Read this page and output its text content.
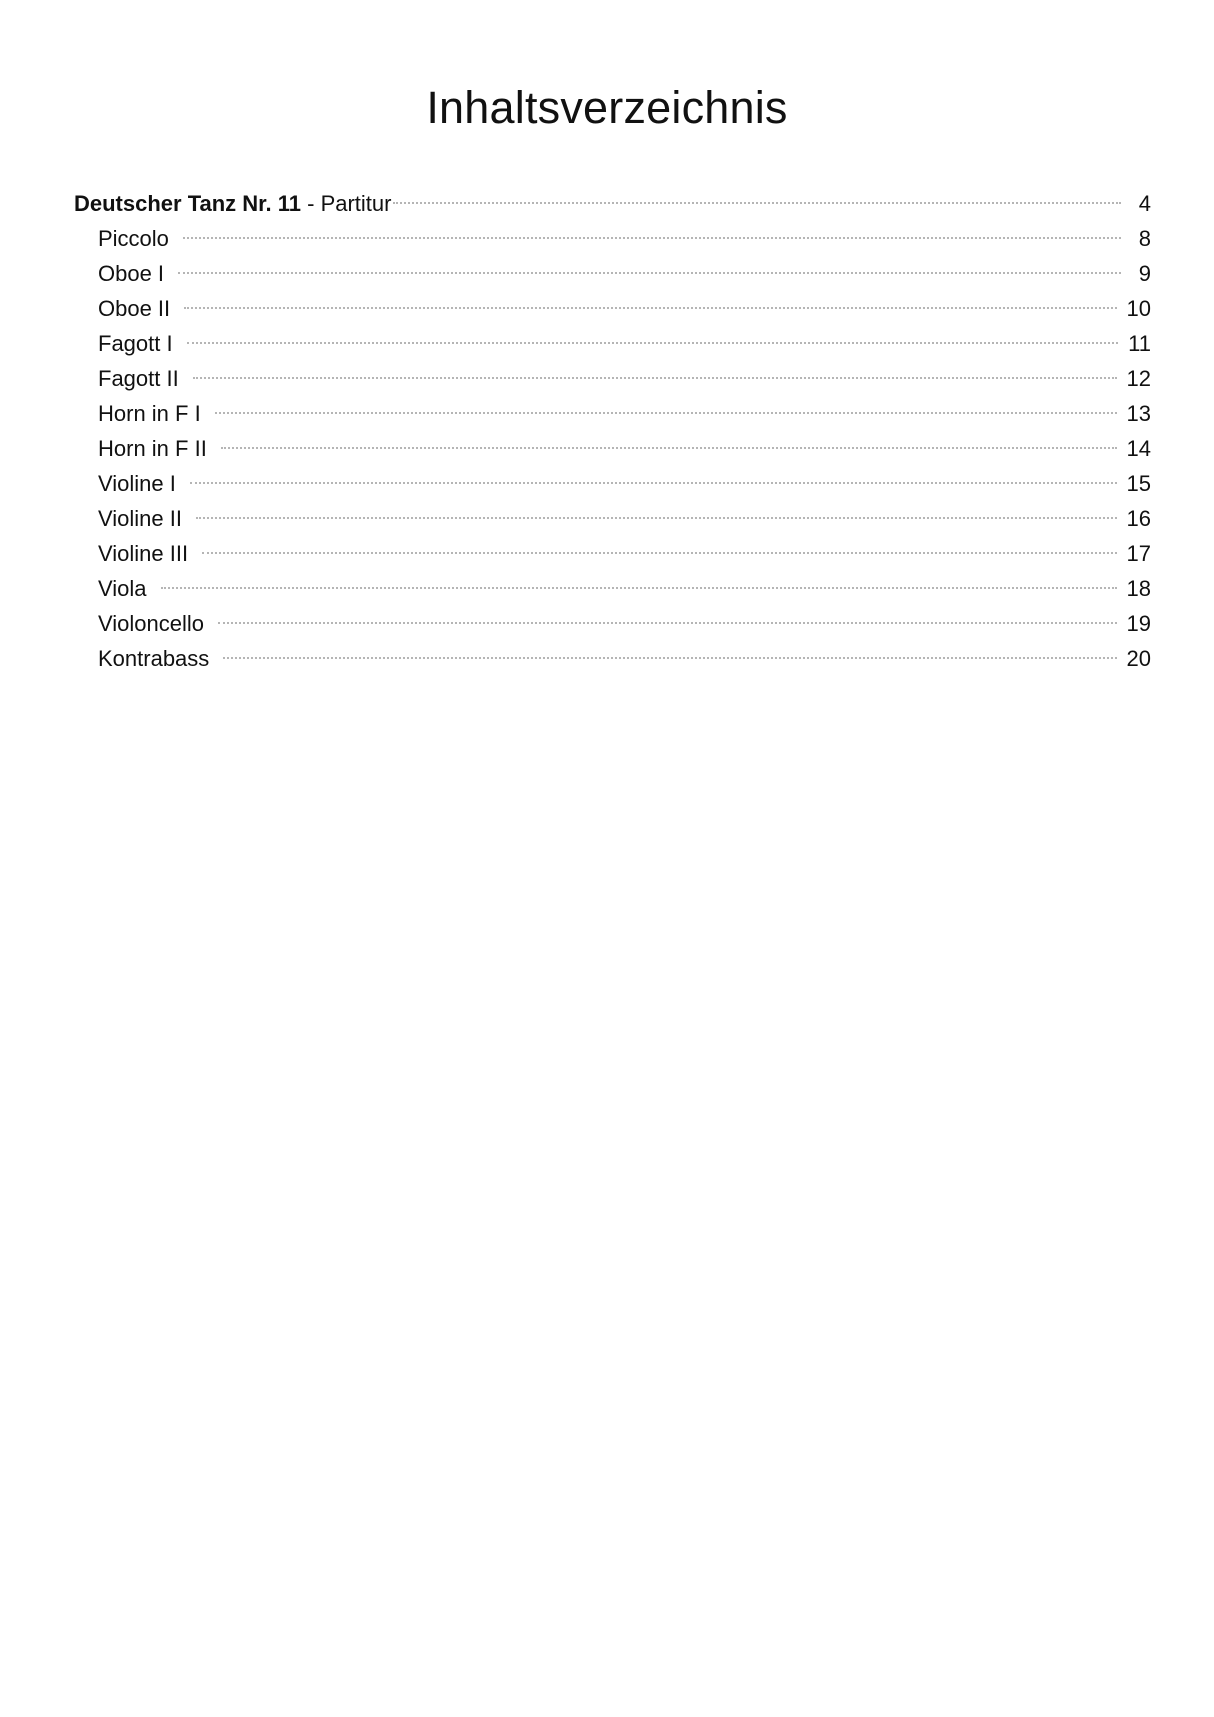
Inhaltsverzeichnis
Deutscher Tanz Nr. 11 - Partitur	4
Piccolo	8
Oboe I	9
Oboe II	10
Fagott I	11
Fagott II	12
Horn in F I	13
Horn in F II	14
Violine I	15
Violine II	16
Violine III	17
Viola	18
Violoncello	19
Kontrabass	20
